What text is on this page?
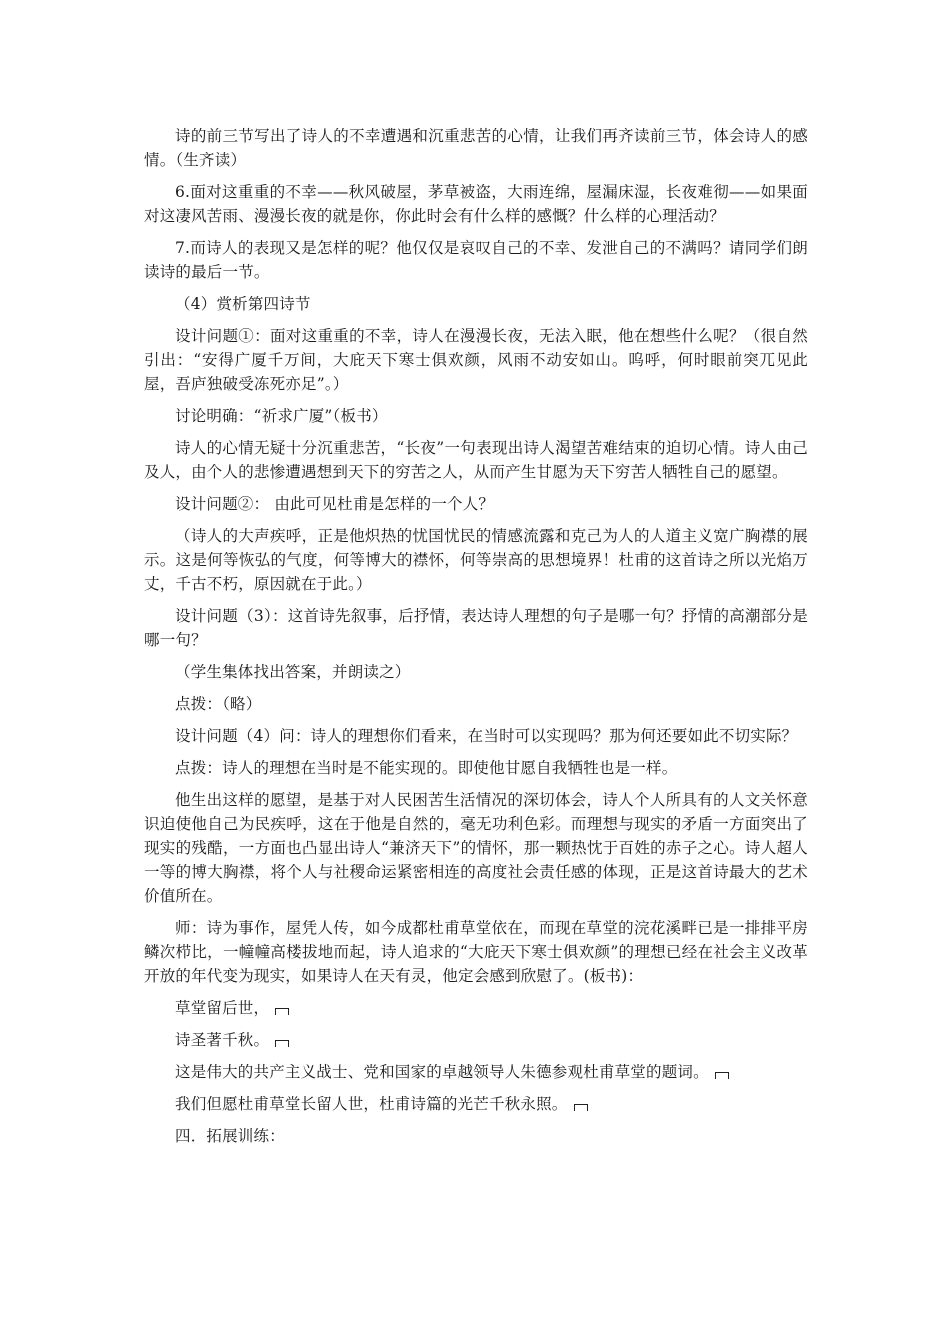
诗的前三节写出了诗人的不幸遭遇和沉重悲苦的心情，让我们再齐读前三节，体会诗人的感情。（生齐读）

6.面对这重重的不幸——秋风破屋，茅草被盗，大雨连绵，屋漏床湿，长夜难彻——如果面对这凄风苦雨、漫漫长夜的就是你，你此时会有什么样的感慨？什么样的心理活动？

7.而诗人的表现又是怎样的呢？他仅仅是哀叹自己的不幸、发泄自己的不满吗？请同学们朗读诗的最后一节。

（4）赏析第四诗节

设计问题①：面对这重重的不幸，诗人在漫漫长夜，无法入眠，他在想些什么呢？（很自然引出：“安得广厦千万间，大庇天下寒士俱欢颜，风雨不动安如山。呜呼，何时眼前突兀见此屋，吾庐独破受冻死亦足”。）

讨论明确：“祈求广厦”（板书）

诗人的心情无疑十分沉重悲苦，“长夜”一句表现出诗人渴望苦难结束的迫切心情。诗人由己及人，由个人的悲惨遭遇想到天下的穷苦之人，从而产生甘愿为天下穷苦人牺牲自己的愿望。

设计问题②： 由此可见杜甫是怎样的一个人？

（诗人的大声疾呼，正是他炽热的忧国忧民的情感流露和克己为人的人道主义宽广胸襟的展示。这是何等恢弘的气度，何等博大的襟怀，何等崇高的思想境界！杜甫的这首诗之所以光焰万丈，千古不朽，原因就在于此。）

设计问题（3）：这首诗先叙事，后抒情，表达诗人理想的句子是哪一句？抒情的高潮部分是哪一句？

（学生集体找出答案，并朗读之）

点拨：（略）

设计问题（4）问：诗人的理想你们看来，在当时可以实现吗？那为何还要如此不切实际？

点拨：诗人的理想在当时是不能实现的。即使他甘愿自我牺牲也是一样。

他生出这样的愿望，是基于对人民困苦生活情况的深切体会，诗人个人所具有的人文关怀意识迫使他自己为民疾呼，这在于他是自然的，毫无功利色彩。而理想与现实的矛盾一方面突出了现实的残酷，一方面也凸显出诗人“兼济天下”的情怀，那一颗热忱于百姓的赤子之心。诗人超人一等的博大胸襟，将个人与社稷命运紧密相连的高度社会责任感的体现，正是这首诗最大的艺术价值所在。

师：诗为事作，屋凭人传，如今成都杜甫草堂依在，而现在草堂的浣花溪畔已是一排排平房鳞次栉比，一幢幢高楼拔地而起，诗人追求的“大庇天下寒士俱欢颜”的理想已经在社会主义改革开放的年代变为现实，如果诗人在天有灵，他定会感到欣慰了。(板书)：

草堂留后世，

诗圣著千秋。

这是伟大的共产主义战士、党和国家的卓越领导人朱德参观杜甫草堂的题词。

我们但愿杜甫草堂长留人世，杜甫诗篇的光芒千秋永照。

四．拓展训练：
